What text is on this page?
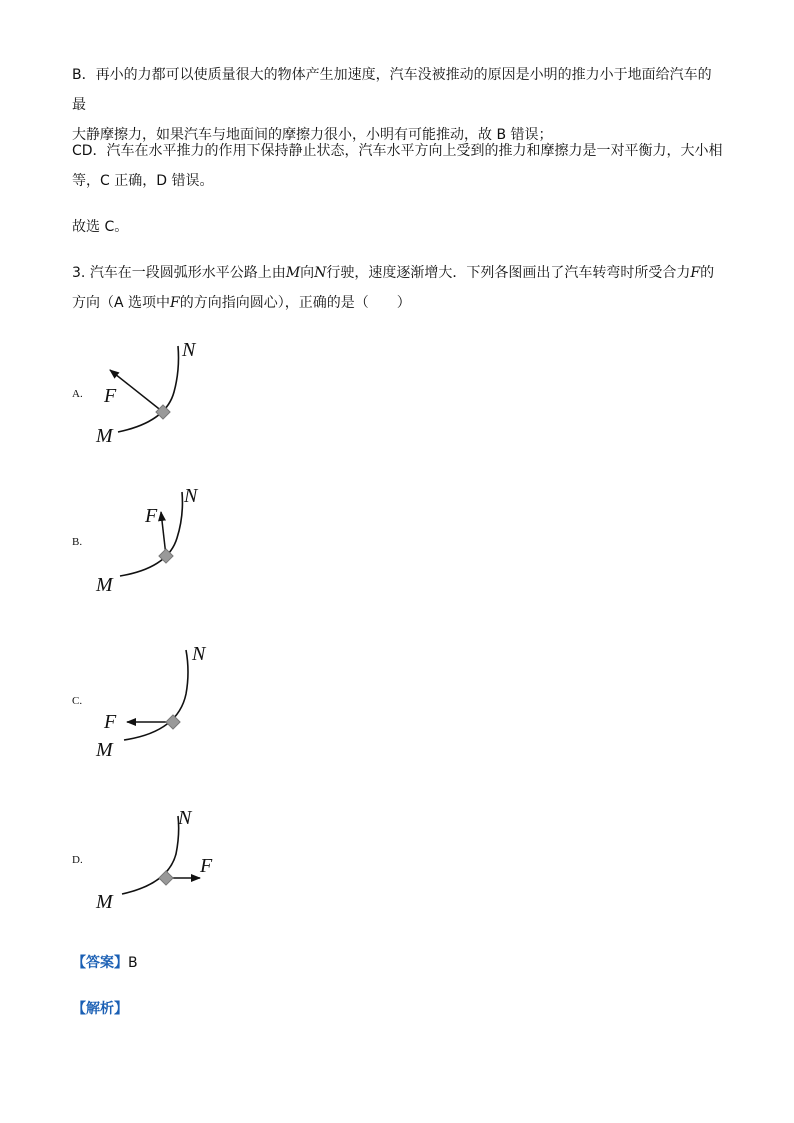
B．再小的力都可以使质量很大的物体产生加速度，汽车没被推动的原因是小明的推力小于地面给汽车的最
大静摩擦力，如果汽车与地面间的摩擦力很小，小明有可能推动，故 B 错误；
CD．汽车在水平推力的作用下保持静止状态，汽车水平方向上受到的推力和摩擦力是一对平衡力，大小相
等，C 正确，D 错误。
故选 C。
3. 汽车在一段圆弧形水平公路上由M向N行驶，速度逐渐增大．下列各图画出了汽车转弯时所受合力F的
方向（A 选项中F的方向指向圆心），正确的是（　　）
A.
N
F
M
B.
N
F
M
C.
N
F
M
D.
N
F
M
【答案】B
【解析】
